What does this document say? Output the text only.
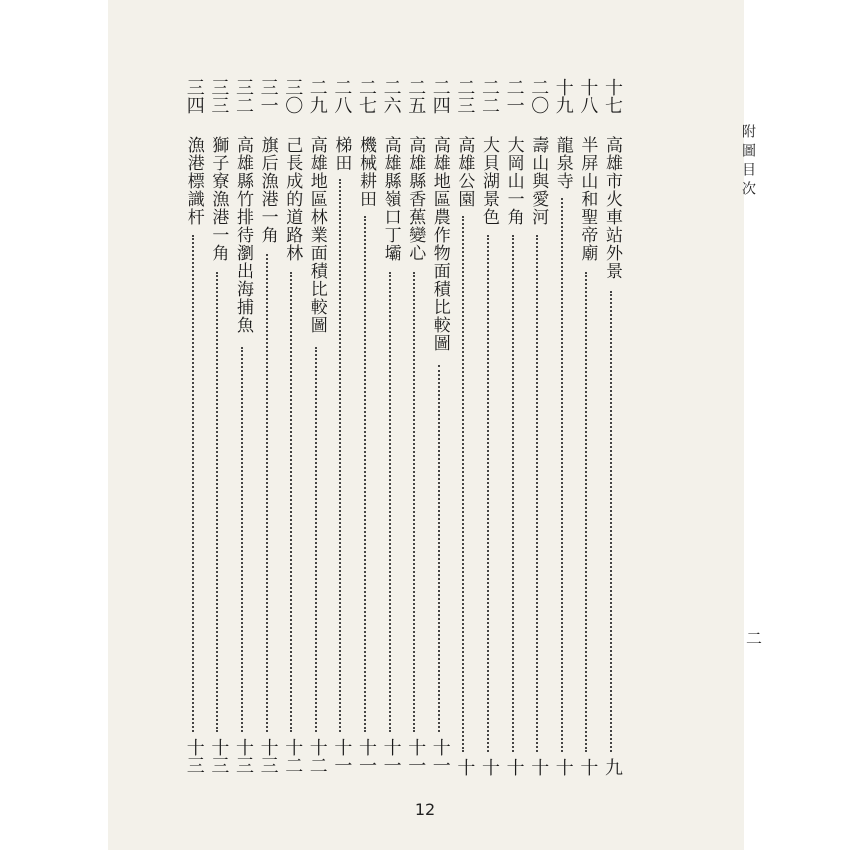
附圖目次
二
十七
高雄市火車站外景
九
十八
半屏山和聖帝廟
十
十九
龍泉寺
十
二〇
壽山與愛河
十
二一
大岡山一角
十
二二
大貝湖景色
十
二三
高雄公園
十
二四
高雄地區農作物面積比較圖
十一
二五
高雄縣香蕉變心
十一
二六
高雄縣嶺口丁壩
十一
二七
機械耕田
十一
二八
梯田
十一
二九
高雄地區林業面積比較圖
十二
三〇
己長成的道路林
十二
三一
旗后漁港一角
十三
三二
高雄縣竹排待瀏出海捕魚
十三
三三
獅子寮漁港一角
十三
三四
漁港標識杆
十三
12
